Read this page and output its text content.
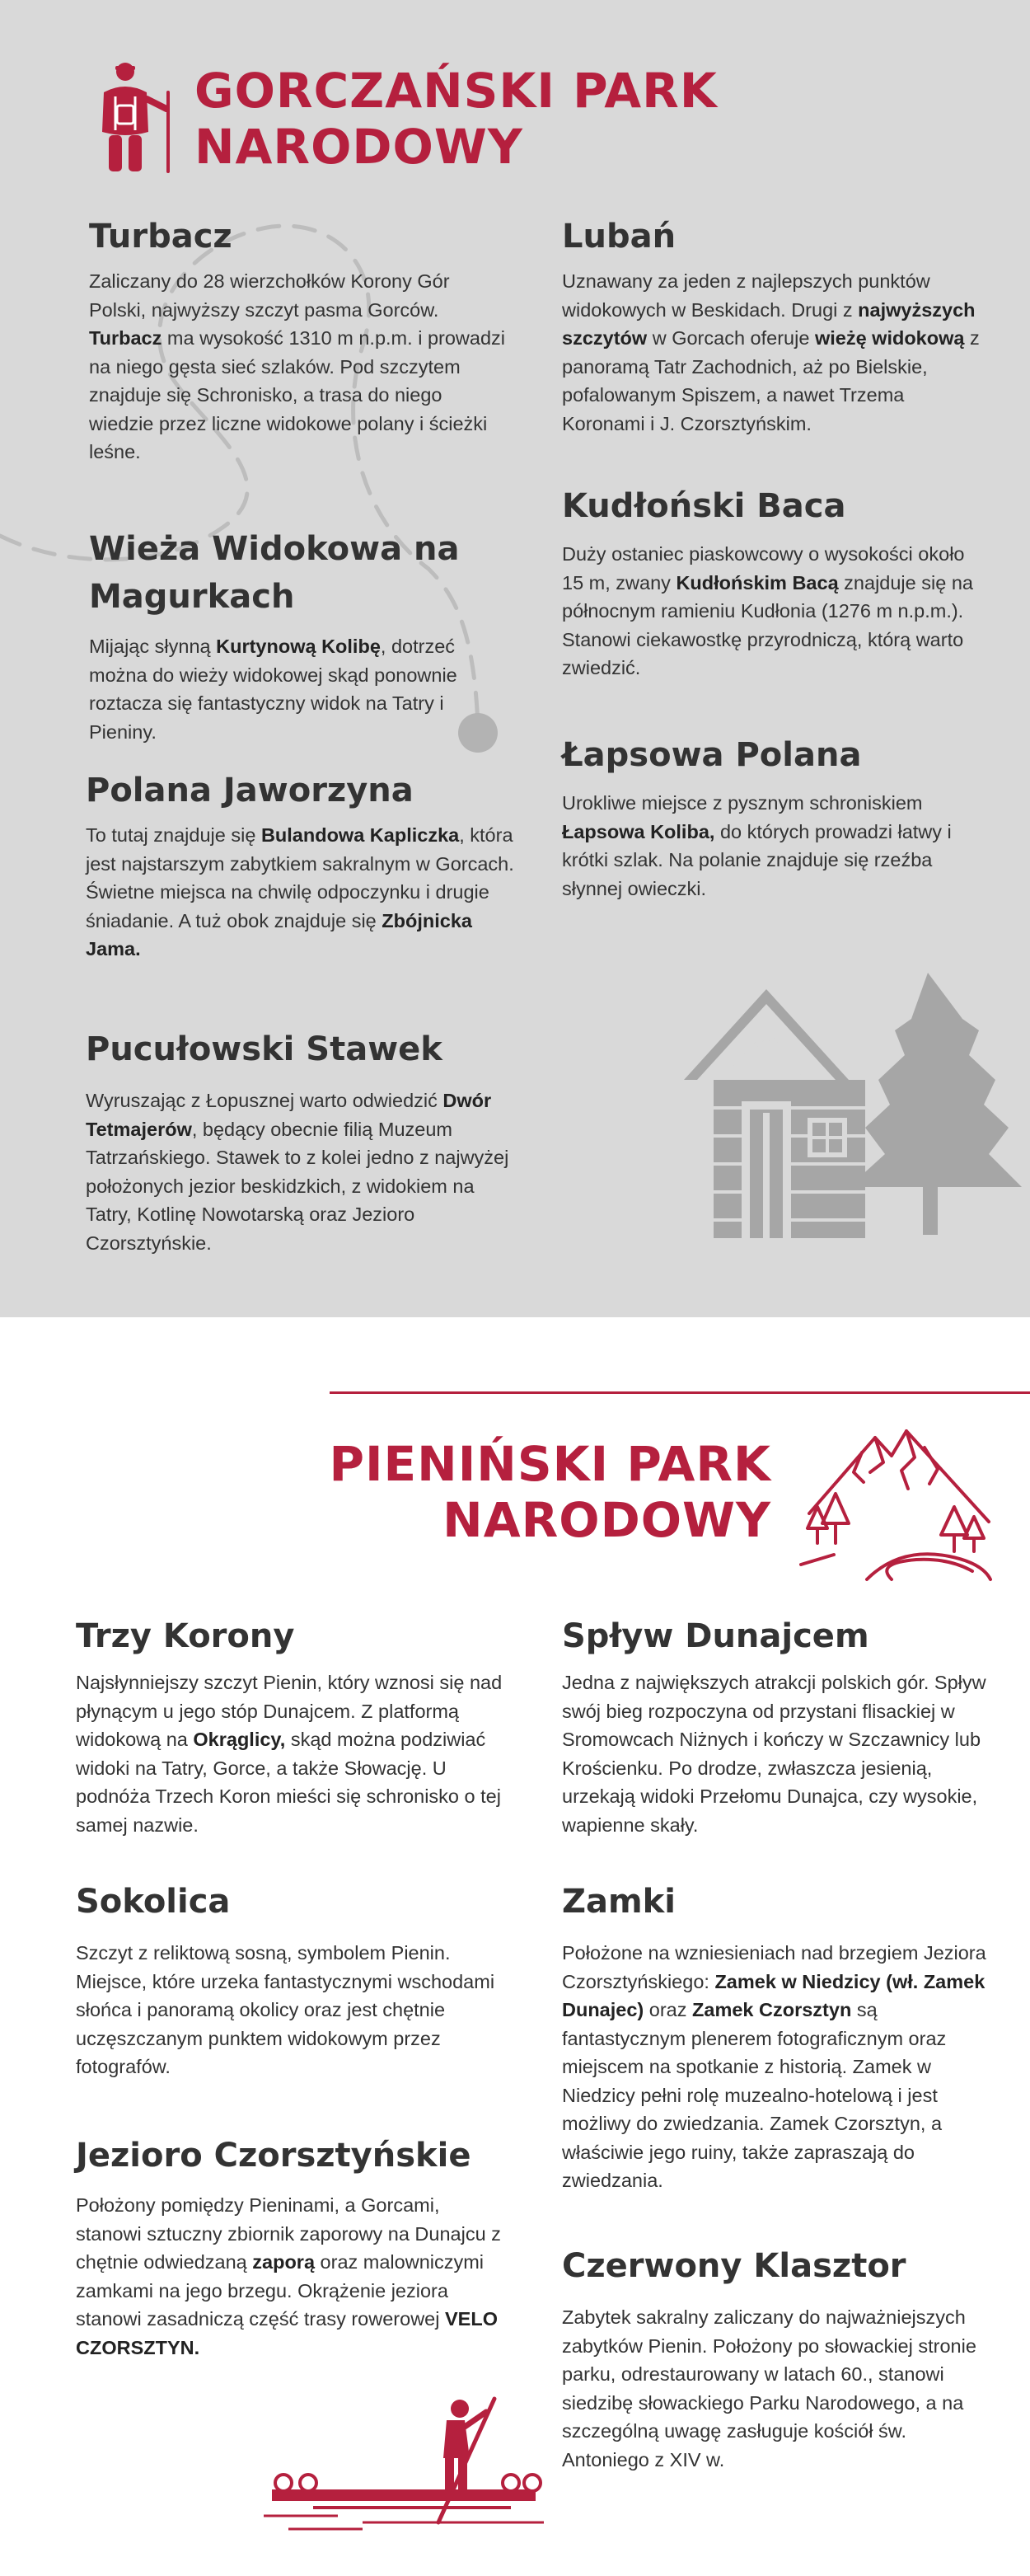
GORCZAŃSKI PARK
NARODOWY
Turbacz
Zaliczany do 28 wierzchołków Korony Gór Polski, najwyższy szczyt pasma Gorców. Turbacz ma wysokość 1310 m n.p.m. i prowadzi na niego gęsta sieć szlaków. Pod szczytem znajduje się Schronisko, a trasa do niego wiedzie przez liczne widokowe polany i ścieżki leśne.
Lubań
Uznawany za jeden z najlepszych punktów widokowych w Beskidach. Drugi z najwyższych szczytów w Gorcach oferuje wieżę widokową z panoramą Tatr Zachodnich, aż po Bielskie, pofalowanym Spiszem, a nawet Trzema Koronami i J. Czorsztyńskim.
Kudłoński Baca
Duży ostaniec piaskowcowy o wysokości około 15 m, zwany Kudłońskim Bacą znajduje się na północnym ramieniu Kudłonia (1276 m n.p.m.). Stanowi ciekawostkę przyrodniczą, którą warto zwiedzić.
Wieża Widokowa na Magurkach
Mijając słynną Kurtynową Kolibę, dotrzeć można do wieży widokowej skąd ponownie roztacza się fantastyczny widok na Tatry i Pieniny.
Łapsowa Polana
Urokliwe miejsce z pysznym schroniskiem Łapsowa Koliba, do których prowadzi łatwy i krótki szlak. Na polanie znajduje się rzeźba słynnej owieczki.
Polana Jaworzyna
To tutaj znajduje się Bulandowa Kapliczka, która jest najstarszym zabytkiem sakralnym w Gorcach. Świetne miejsca na chwilę odpoczynku i drugie śniadanie. A tuż obok znajduje się Zbójnicka Jama.
Pucułowski Stawek
Wyruszając z Łopusznej warto odwiedzić Dwór Tetmajerów, będący obecnie filią Muzeum Tatrzańskiego. Stawek to z kolei jedno z najwyżej położonych jezior beskidzkich, z widokiem na Tatry, Kotlinę Nowotarską oraz Jezioro Czorsztyńskie.
PIENIŃSKI PARK
NARODOWY
Trzy Korony
Najsłynniejszy szczyt Pienin, który wznosi się nad płynącym u jego stóp Dunajcem. Z platformą widokową na Okrąglicy, skąd można podziwiać widoki na Tatry, Gorce, a także Słowację. U podnóża Trzech Koron mieści się schronisko o tej samej nazwie.
Spływ Dunajcem
Jedna z największych atrakcji polskich gór. Spływ swój bieg rozpoczyna od przystani flisackiej w Sromowcach Niżnych i kończy w Szczawnicy lub Krościenku. Po drodze, zwłaszcza jesienią, urzekają widoki Przełomu Dunajca, czy wysokie, wapienne skały.
Sokolica
Szczyt z reliktową sosną, symbolem Pienin. Miejsce, które urzeka fantastycznymi wschodami słońca i panoramą okolicy oraz jest chętnie uczęszczanym punktem widokowym przez fotografów.
Zamki
Położone na wzniesieniach nad brzegiem Jeziora Czorsztyńskiego: Zamek w Niedzicy (wł. Zamek Dunajec) oraz Zamek Czorsztyn są fantastycznym plenerem fotograficznym oraz miejscem na spotkanie z historią. Zamek w Niedzicy pełni rolę muzealno-hotelową i jest możliwy do zwiedzania. Zamek Czorsztyn, a właściwie jego ruiny, także zapraszają do zwiedzania.
Jezioro Czorsztyńskie
Położony pomiędzy Pieninami, a Gorcami, stanowi sztuczny zbiornik zaporowy na Dunajcu z chętnie odwiedzaną zaporą oraz malowniczymi zamkami na jego brzegu. Okrążenie jeziora stanowi zasadniczą część trasy rowerowej VELO CZORSZTYN.
Czerwony Klasztor
Zabytek sakralny zaliczany do najważniejszych zabytków Pienin. Położony po słowackiej stronie parku, odrestaurowany w latach 60., stanowi siedzibę słowackiego Parku Narodowego, a na szczególną uwagę zasługuje kościół św. Antoniego z XIV w.
